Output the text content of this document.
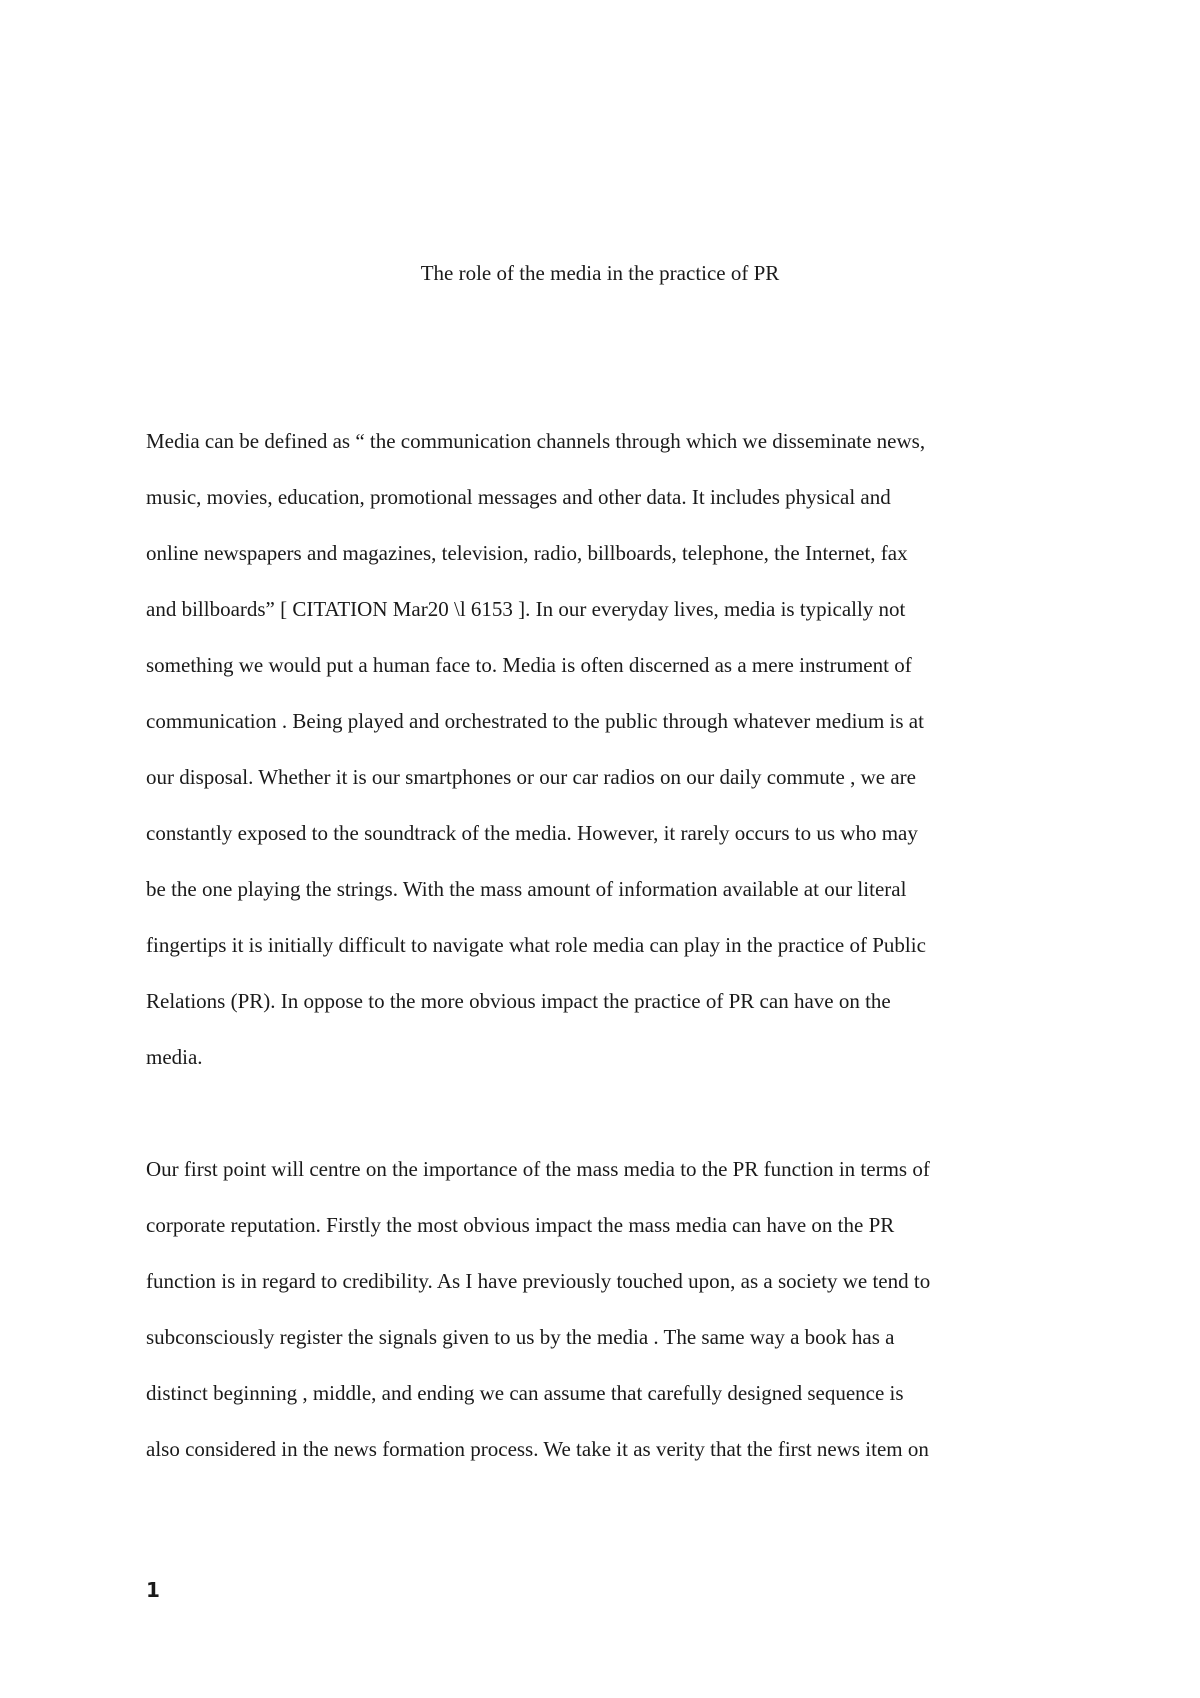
The role of the media in the practice of PR
Media can be defined as “ the communication channels through which we disseminate news,
music, movies, education, promotional messages and other data. It includes physical and
online newspapers and magazines, television, radio, billboards, telephone, the Internet, fax
and billboards” [ CITATION Mar20 \l 6153 ]. In our everyday lives, media is typically not
something we would put a human face to. Media is often discerned as a mere instrument of
communication . Being played and orchestrated to the public through whatever medium is at
our disposal. Whether it is our smartphones or our car radios on our daily commute , we are
constantly exposed to the soundtrack of the media. However, it rarely occurs to us who may
be the one playing the strings. With the mass amount of information available at our literal
fingertips it is initially difficult to navigate what role media can play in the practice of Public
Relations (PR). In oppose to the more obvious impact the practice of PR can have on the
media.
Our first point will centre on the importance of the mass media to the PR function in terms of
corporate reputation. Firstly the most obvious impact the mass media can have on the PR
function is in regard to credibility. As I have previously touched upon, as a society we tend to
subconsciously register the signals given to us by the media . The same way a book has a
distinct beginning , middle, and ending we can assume that carefully designed sequence is
also considered in the news formation process. We take it as verity that the first news item on
1
